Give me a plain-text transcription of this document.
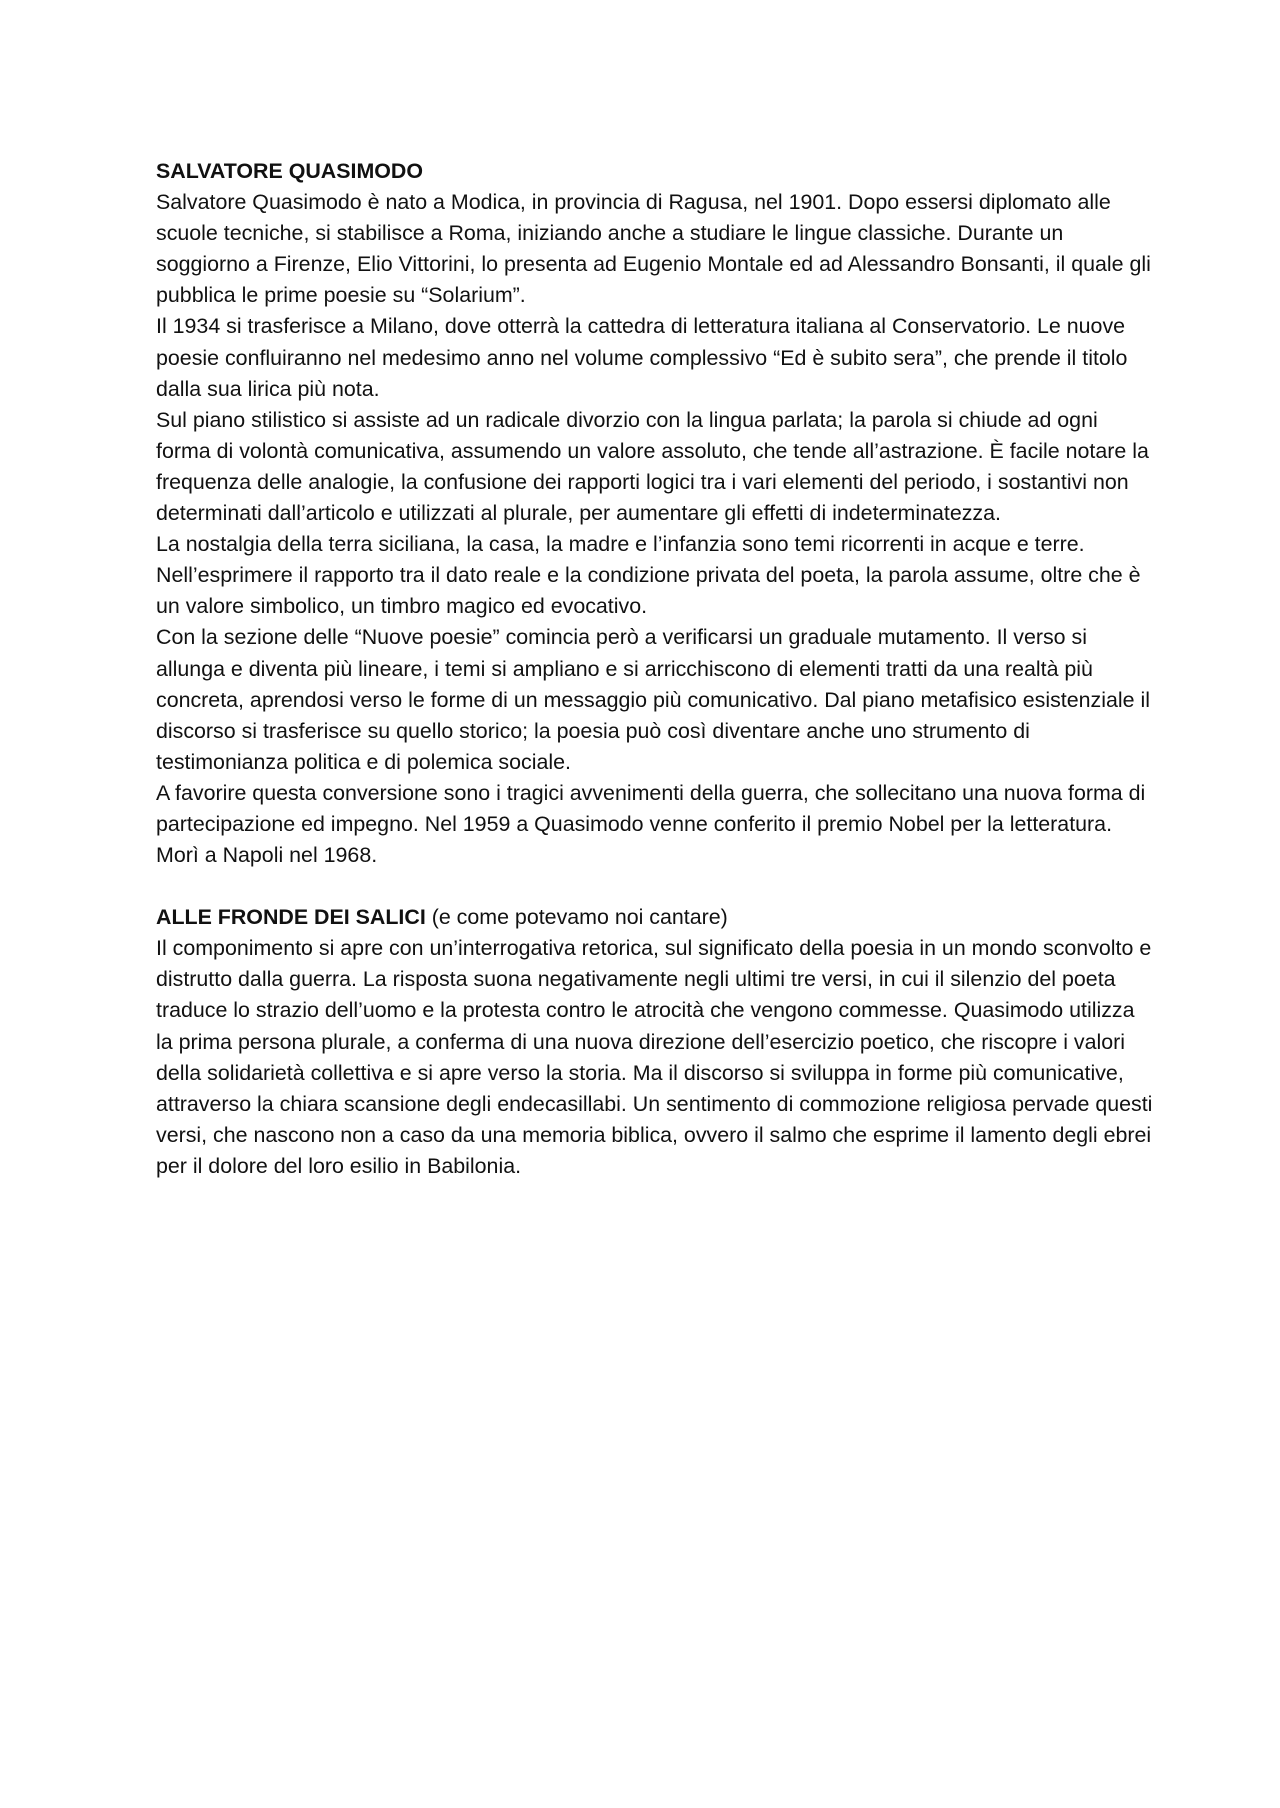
SALVATORE QUASIMODO

Salvatore Quasimodo è nato a Modica, in provincia di Ragusa, nel 1901. Dopo essersi diplomato alle scuole tecniche, si stabilisce a Roma, iniziando anche a studiare le lingue classiche. Durante un soggiorno a Firenze, Elio Vittorini, lo presenta ad Eugenio Montale ed ad Alessandro Bonsanti, il quale gli pubblica le prime poesie su “Solarium”.

Il 1934 si trasferisce a Milano, dove otterrà la cattedra di letteratura italiana al Conservatorio. Le nuove poesie confluiranno nel medesimo anno nel volume complessivo “Ed è subito sera”, che prende il titolo dalla sua lirica più nota.

Sul piano stilistico si assiste ad un radicale divorzio con la lingua parlata; la parola si chiude ad ogni forma di volontà comunicativa, assumendo un valore assoluto, che tende all’astrazione. È facile notare la frequenza delle analogie, la confusione dei rapporti logici tra i vari elementi del periodo, i sostantivi non determinati dall’articolo e utilizzati al plurale, per aumentare gli effetti di indeterminatezza.

La nostalgia della terra siciliana, la casa, la madre e l’infanzia sono temi ricorrenti in acque e terre. Nell’esprimere il rapporto tra il dato reale e la condizione privata del poeta, la parola assume, oltre che è un valore simbolico, un timbro magico ed evocativo.

Con la sezione delle “Nuove poesie” comincia però a verificarsi un graduale mutamento. Il verso si allunga e diventa più lineare, i temi si ampliano e si arricchiscono di elementi tratti da una realtà più concreta, aprendosi verso le forme di un messaggio più comunicativo. Dal piano metafisico esistenziale il discorso si trasferisce su quello storico; la poesia può così diventare anche uno strumento di testimonianza politica e di polemica sociale.

A favorire questa conversione sono i tragici avvenimenti della guerra, che sollecitano una nuova forma di partecipazione ed impegno. Nel 1959 a Quasimodo venne conferito il premio Nobel per la letteratura. Morì a Napoli nel 1968.

ALLE FRONDE DEI SALICI (e come potevamo noi cantare)

Il componimento si apre con un’interrogativa retorica, sul significato della poesia in un mondo sconvolto e distrutto dalla guerra. La risposta suona negativamente negli ultimi tre versi, in cui il silenzio del poeta traduce lo strazio dell’uomo e la protesta contro le atrocità che vengono commesse. Quasimodo utilizza la prima persona plurale, a conferma di una nuova direzione dell’esercizio poetico, che riscopre i valori della solidarietà collettiva e si apre verso la storia. Ma il discorso si sviluppa in forme più comunicative, attraverso la chiara scansione degli endecasillabi. Un sentimento di commozione religiosa pervade questi versi, che nascono non a caso da una memoria biblica, ovvero il salmo che esprime il lamento degli ebrei per il dolore del loro esilio in Babilonia.
